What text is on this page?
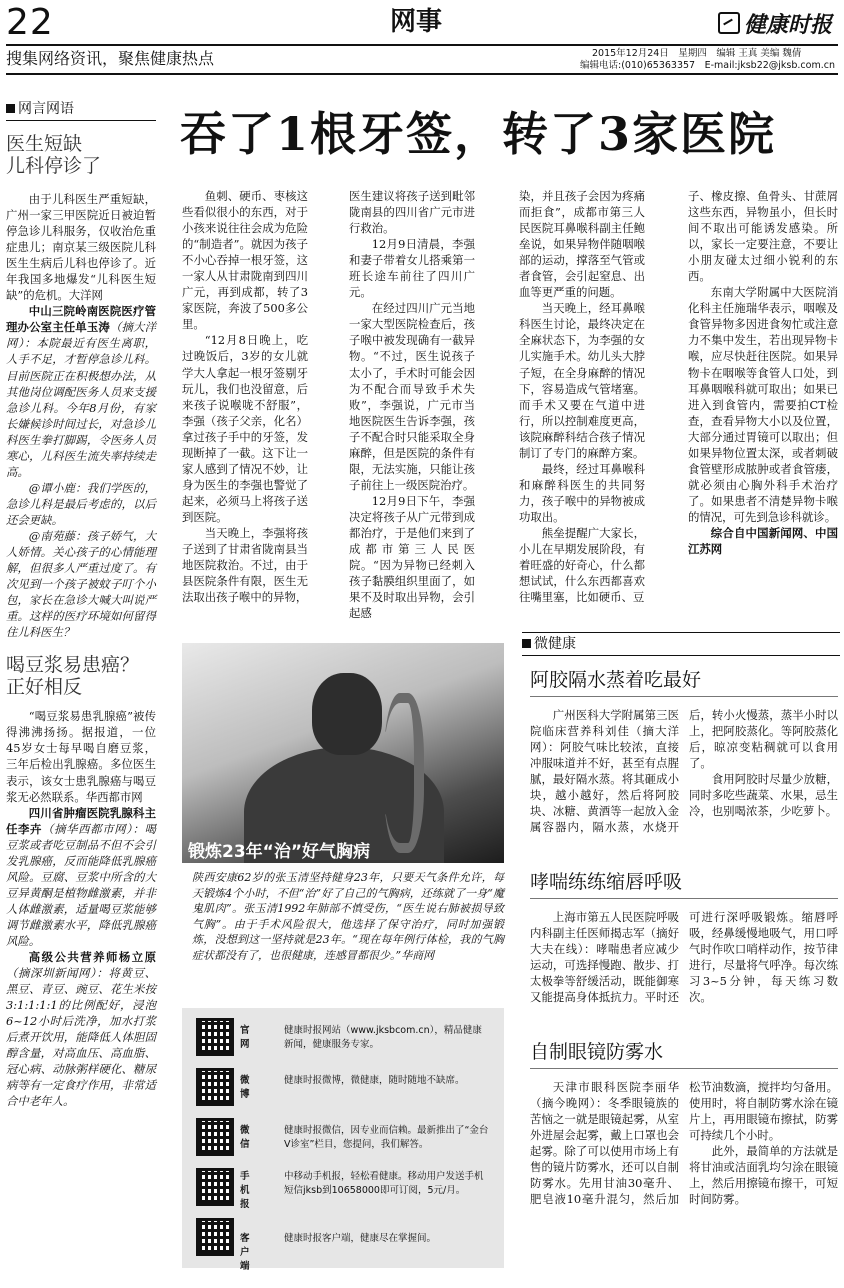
22	网事	健康时报
搜集网络资讯，聚焦健康热点	2015年12月24日　星期四　编辑 王真 美编 魏倩
编辑电话:(010)65363357　E-mail:jksb22@jksb.com.cn
网言网语
医生短缺
儿科停诊了

由于儿科医生严重短缺，广州一家三甲医院近日被迫暂停急诊儿科服务，仅收治危重症患儿；南京某三级医院儿科医生生病后儿科也停诊了。近年我国多地爆发“儿科医生短缺”的危机。大洋网

中山三院岭南医院医疗管理办公室主任单玉涛（摘大洋网）：本院最近有医生离职，人手不足，才暂停急诊儿科。目前医院正在积极想办法，从其他岗位调配医务人员来支援急诊儿科。今年8月份，有家长嫌候诊时间过长，对急诊儿科医生拳打脚踢，令医务人员寒心，儿科医生流失率持续走高。

@谭小鹿：我们学医的，急诊儿科是最后考虑的，以后还会更缺。

@南苑藤：孩子娇气，大人娇情。关心孩子的心情能理解，但很多人严重过度了。有次见到一个孩子被蚊子叮个小包，家长在急诊大喊大叫说严重。这样的医疗环境如何留得住儿科医生？

喝豆浆易患癌？
正好相反

“喝豆浆易患乳腺癌”被传得沸沸扬扬。据报道，一位45岁女士每早喝自磨豆浆，三年后检出乳腺癌。多位医生表示，该女士患乳腺癌与喝豆浆无必然联系。华西都市网

四川省肿瘤医院乳腺科主任李卉（摘华西都市网）：喝豆浆或者吃豆制品不但不会引发乳腺癌，反而能降低乳腺癌风险。豆腐、豆浆中所含的大豆异黄酮是植物雌激素，并非人体雌激素，适量喝豆浆能够调节雌激素水平，降低乳腺癌风险。

高级公共营养师杨立原（摘深圳新闻网）：将黄豆、黑豆、青豆、豌豆、花生米按3:1:1:1:1的比例配好，浸泡6~12小时后洗净，加水打浆后煮开饮用，能降低人体胆固醇含量，对高血压、高血脂、冠心病、动脉粥样硬化、糖尿病等有一定食疗作用，非常适合中老年人。

吞了1根牙签，转了3家医院

鱼刺、硬币、枣核这些看似很小的东西，对于小孩来说往往会成为危险的“制造者”。就因为孩子不小心吞掉一根牙签，这一家人从甘肃陇南到四川广元，再到成都，转了3家医院，奔波了500多公里。

“12月8日晚上，吃过晚饭后，3岁的女儿就学大人拿起一根牙签剔牙玩儿，我们也没留意，后来孩子说喉咙不舒服”，李强（孩子父亲，化名）拿过孩子手中的牙签，发现断掉了一截。这下让一家人感到了情况不妙，让身为医生的李强也警觉了起来，必须马上将孩子送到医院。

当天晚上，李强将孩子送到了甘肃省陇南县当地医院救治。不过，由于县医院条件有限，医生无法取出孩子喉中的异物，

医生建议将孩子送到毗邻陇南县的四川省广元市进行救治。

12月9日清晨，李强和妻子带着女儿搭乘第一班长途车前往了四川广元。

在经过四川广元当地一家大型医院检查后，孩子喉中被发现确有一截异物。“不过，医生说孩子太小了，手术时可能会因为不配合而导致手术失败”，李强说，广元市当地医院医生告诉李强，孩子不配合时只能采取全身麻醉，但是医院的条件有限，无法实施，只能让孩子前往上一级医院治疗。

12月9日下午，李强决定将孩子从广元带到成都治疗，于是他们来到了成都市第三人民医院。“因为异物已经刺入孩子黏膜组织里面了，如果不及时取出异物，会引起感

染，并且孩子会因为疼痛而拒食”，成都市第三人民医院耳鼻喉科副主任鲍垒说，如果异物伴随咽喉部的运动，撑落至气管或者食管，会引起窒息、出血等更严重的问题。

当天晚上，经耳鼻喉科医生讨论，最终决定在全麻状态下，为李强的女儿实施手术。幼儿头大脖子短，在全身麻醉的情况下，容易造成气管堵塞。而手术又要在气道中进行，所以控制难度更高，该院麻醉科结合孩子情况制订了专门的麻醉方案。

最终，经过耳鼻喉科和麻醉科医生的共同努力，孩子喉中的异物被成功取出。

熊垒提醒广大家长，小儿在早期发展阶段，有着旺盛的好奇心，什么都想试试，什么东西都喜欢往嘴里塞，比如硬币、豆

子、橡皮擦、鱼骨头、甘蔗屑这些东西，异物虽小，但长时间不取出可能诱发感染。所以，家长一定要注意，不要让小朋友碰太过细小锐利的东西。

东南大学附属中大医院消化科主任施瑞华表示，咽喉及食管异物多因进食匆忙或注意力不集中发生，若出现异物卡喉，应尽快赶往医院。如果异物卡在咽喉等食管人口处，到耳鼻咽喉科就可取出；如果已进入到食管内，需要拍CT检查，查看异物大小以及位置，大部分通过胃镜可以取出；但如果异物位置太深，或者刺破食管壁形成脓肿或者食管瘘，就必须由心胸外科手术治疗了。如果患者不清楚异物卡喉的情况，可先到急诊科就诊。

综合自中国新闻网、中国江苏网

锻炼23年“治”好气胸病
陕西安康62岁的张玉清坚持健身23年，只要天气条件允许，每天锻炼4个小时，不但“治”好了自己的气胸病，还练就了一身“魔鬼肌肉”。张玉清1992年肺部不慎受伤，“医生说右肺被损导致气胸”。由于手术风险很大，他选择了保守治疗，同时加强锻炼，没想到这一坚持就是23年。“现在每年例行体检，我的气胸症状都没有了，也很健康，连感冒都很少。”华商网
官网
健康时报网站（www.jksbcom.cn），精品健康新闻，健康服务专家。
微博
健康时报微博，微健康，随时随地不缺席。
微信
健康时报微信，因专业而信赖。最新推出了“金台V诊室”栏目，您提问，我们解答。
手机报
中移动手机报，轻松看健康。移动用户发送手机短信jksb到10658000即可订阅，5元/月。
客户端
健康时报客户端，健康尽在掌握间。
微健康
阿胶隔水蒸着吃最好

广州医科大学附属第三医院临床营养科刘佳（摘大洋网）：阿胶气味比较浓，直接冲服味道并不好，甚至有点腥腻，最好隔水蒸。将其砸成小块，越小越好，然后将阿胶块、冰糖、黄酒等一起放入金属容器内，隔水蒸，水烧开后，转小火慢蒸，蒸半小时以上，把阿胶蒸化。等阿胶蒸化后，晾凉变粘稠就可以食用了。

食用阿胶时尽量少放糖，同时多吃些蔬菜、水果，忌生冷，也别喝浓茶，少吃萝卜。

哮喘练练缩唇呼吸

上海市第五人民医院呼吸内科副主任医师揭志军（摘好大夫在线）：哮喘患者应减少运动，可选择慢跑、散步、打太极拳等舒缓活动，既能御寒又能提高身体抵抗力。平时还可进行深呼吸锻炼。缩唇呼吸，经鼻缓慢地吸气，用口呼气时作吹口哨样动作，按节律进行，尽量将气呼净。每次练习3~5分钟，每天练习数次。

自制眼镜防雾水

天津市眼科医院李丽华（摘今晚网）：冬季眼镜族的苦恼之一就是眼镜起雾，从室外进屋会起雾，戴上口罩也会起雾。除了可以使用市场上有售的镜片防雾水，还可以自制防雾水。先用甘油30毫升、肥皂液10毫升混匀，然后加松节油数滴，搅拌均匀备用。使用时，将自制防雾水涂在镜片上，再用眼镜布擦拭，防雾可持续几个小时。

此外，最简单的方法就是将甘油或洁面乳均匀涂在眼镜上，然后用擦镜布擦干，可短时间防雾。
